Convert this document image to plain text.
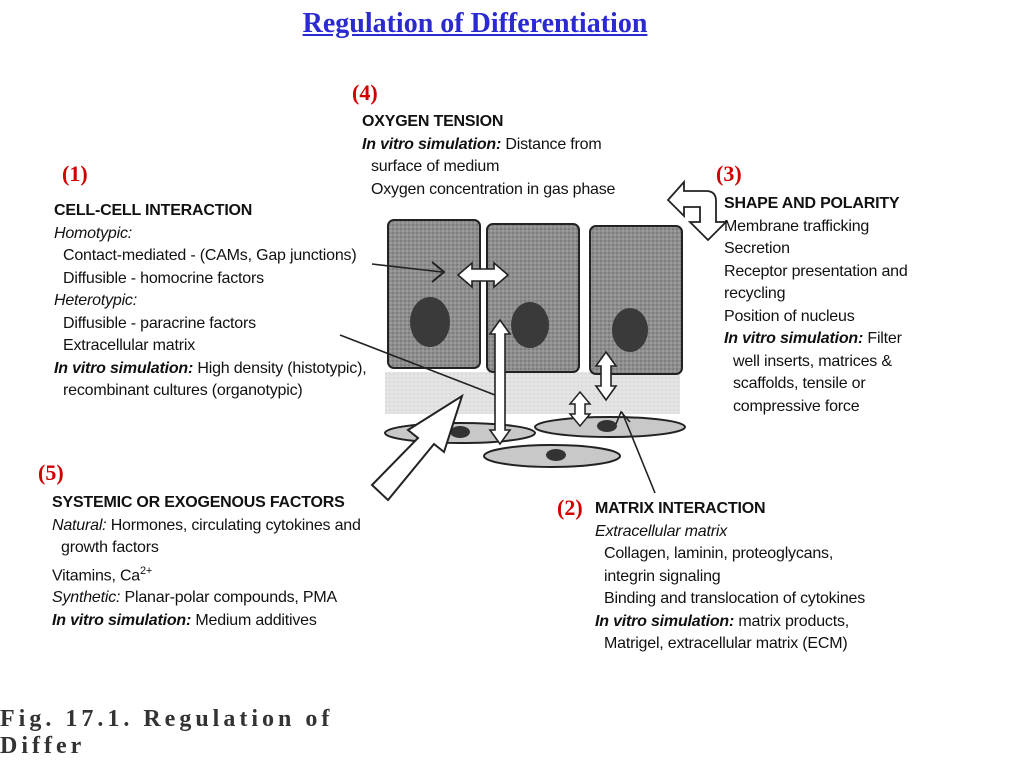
Regulation of Differentiation
(4)
(1)	(3)
(5)
(2)
OXYGEN TENSION
In vitro simulation: Distance from
surface of medium
Oxygen concentration in gas phase
CELL-CELL INTERACTION
Homotypic:
Contact-mediated - (CAMs, Gap junctions)
Diffusible - homocrine factors
Heterotypic:
Diffusible - paracrine factors
Extracellular matrix
In vitro simulation: High density (histotypic),
recombinant cultures (organotypic)
SHAPE AND POLARITY
Membrane trafficking
Secretion
Receptor presentation and
recycling
Position of nucleus
In vitro simulation: Filter
well inserts, matrices &
scaffolds, tensile or
compressive force
SYSTEMIC OR EXOGENOUS FACTORS
Natural: Hormones, circulating cytokines and
growth factors
Vitamins, $Ca^{2+}$
Synthetic: Planar-polar compounds, PMA
In vitro simulation: Medium additives
MATRIX INTERACTION
Extracellular matrix
Collagen, laminin, proteoglycans,
integrin signaling
Binding and translocation of cytokines
In vitro simulation: matrix products,
Matrigel, extracellular matrix (ECM)
Fig. 17.1. Regulation of Differ
